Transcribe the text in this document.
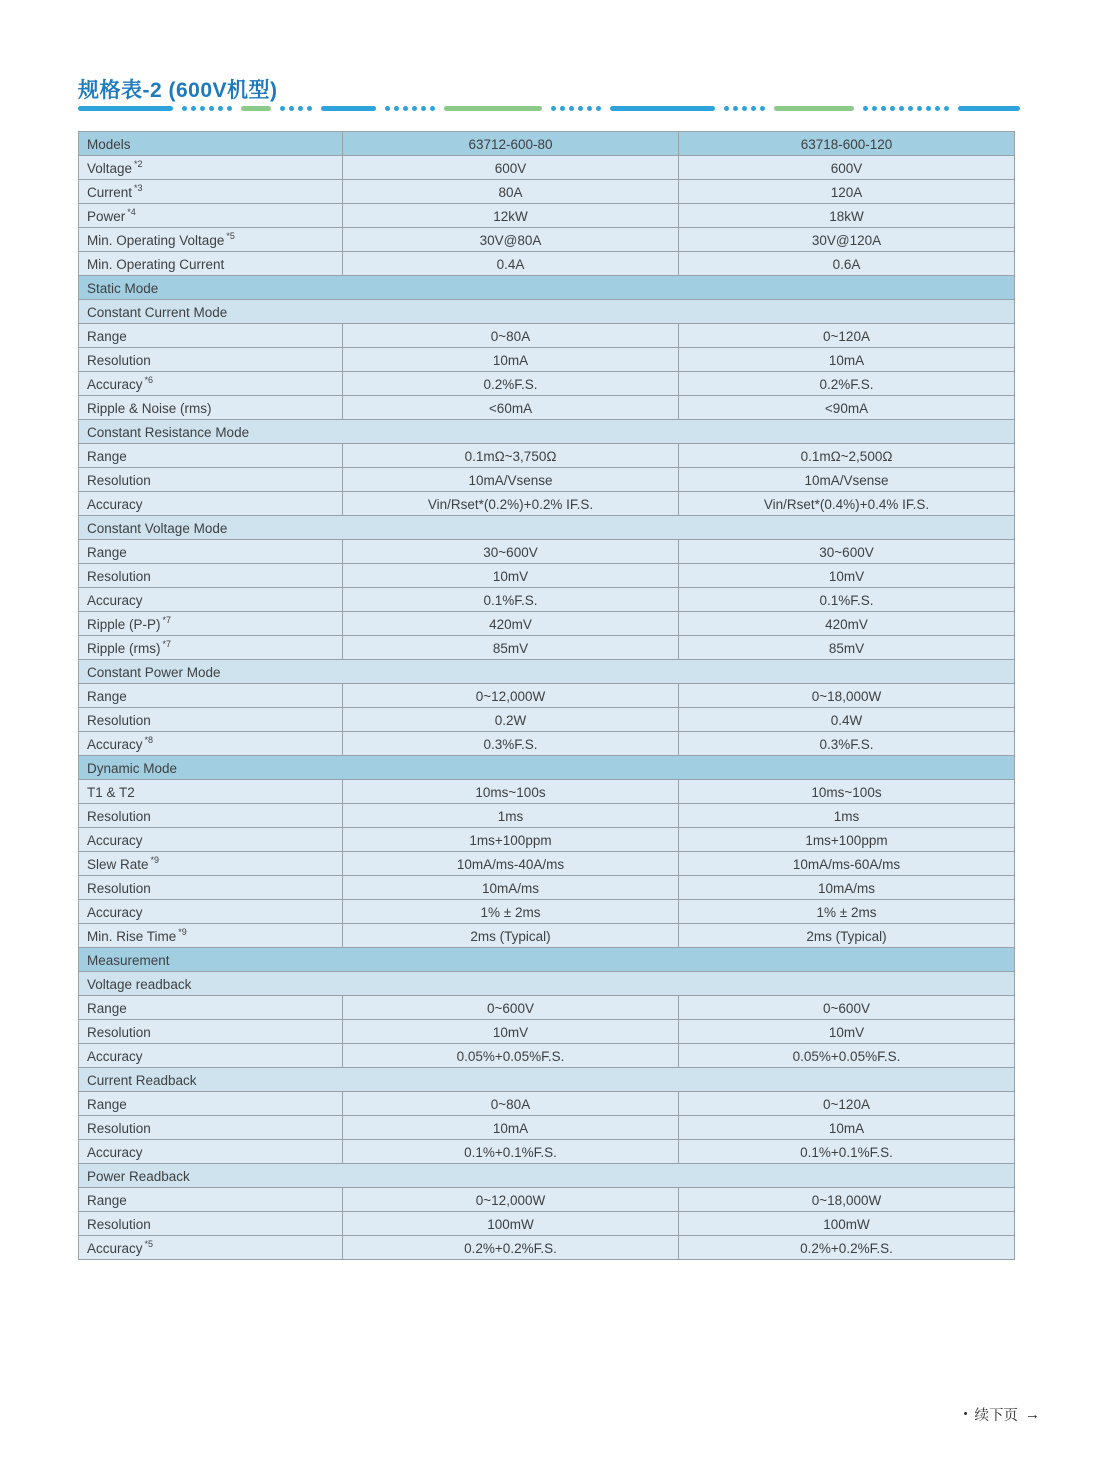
规格表-2 (600V机型)
Models	63712-600-80	63718-600-120
Voltage $^{*2}$	600V	600V
Current $^{*3}$	80A	120A
Power $^{*4}$	12kW	18kW
Min. Operating Voltage $^{*5}$	30V@80A	30V@120A
Min. Operating Current	0.4A	0.6A
Static Mode		
Constant Current Mode		
Range	0~80A	0~120A
Resolution	10mA	10mA
Accuracy $^{*6}$	0.2%F.S.	0.2%F.S.
Ripple & Noise (rms)	<60mA	<90mA
Constant Resistance Mode		
Range	0.1mΩ~3,750Ω	0.1mΩ~2,500Ω
Resolution	10mA/Vsense	10mA/Vsense
Accuracy	Vin/Rset*(0.2%)+0.2% IF.S.	Vin/Rset*(0.4%)+0.4% IF.S.
Constant Voltage Mode		
Range	30~600V	30~600V
Resolution	10mV	10mV
Accuracy	0.1%F.S.	0.1%F.S.
Ripple (P-P) $^{*7}$	420mV	420mV
Ripple (rms) $^{*7}$	85mV	85mV
Constant Power Mode		
Range	0~12,000W	0~18,000W
Resolution	0.2W	0.4W
Accuracy $^{*8}$	0.3%F.S.	0.3%F.S.
Dynamic Mode		
T1 & T2	10ms~100s	10ms~100s
Resolution	1ms	1ms
Accuracy	1ms+100ppm	1ms+100ppm
Slew Rate $^{*9}$	10mA/ms-40A/ms	10mA/ms-60A/ms
Resolution	10mA/ms	10mA/ms
Accuracy	1% ± 2ms	1% ± 2ms
Min. Rise Time $^{*9}$	2ms (Typical)	2ms (Typical)
Measurement		
Voltage readback		
Range	0~600V	0~600V
Resolution	10mV	10mV
Accuracy	0.05%+0.05%F.S.	0.05%+0.05%F.S.
Current Readback		
Range	0~80A	0~120A
Resolution	10mA	10mA
Accuracy	0.1%+0.1%F.S.	0.1%+0.1%F.S.
Power Readback		
Range	0~12,000W	0~18,000W
Resolution	100mW	100mW
Accuracy $^{*5}$	0.2%+0.2%F.S.	0.2%+0.2%F.S.
• 续下页 →
